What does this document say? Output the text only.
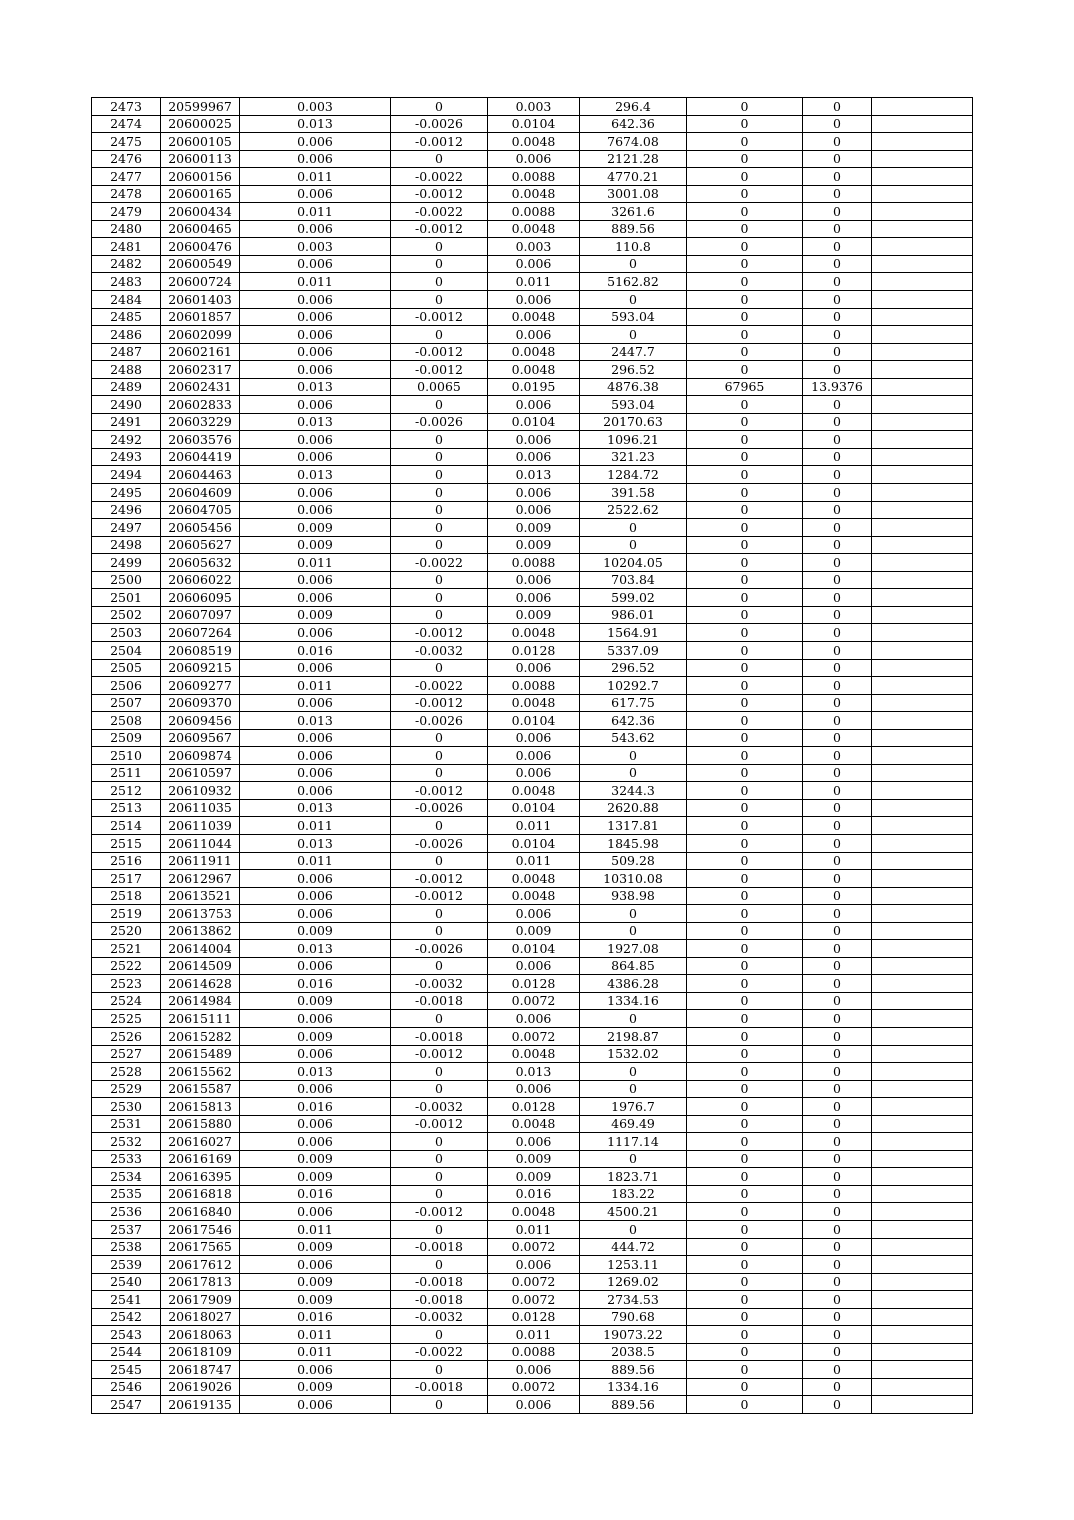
2473	20599967	0.003	0	0.003	296.4	0	0	
2474	20600025	0.013	-0.0026	0.0104	642.36	0	0	
2475	20600105	0.006	-0.0012	0.0048	7674.08	0	0	
2476	20600113	0.006	0	0.006	2121.28	0	0	
2477	20600156	0.011	-0.0022	0.0088	4770.21	0	0	
2478	20600165	0.006	-0.0012	0.0048	3001.08	0	0	
2479	20600434	0.011	-0.0022	0.0088	3261.6	0	0	
2480	20600465	0.006	-0.0012	0.0048	889.56	0	0	
2481	20600476	0.003	0	0.003	110.8	0	0	
2482	20600549	0.006	0	0.006	0	0	0	
2483	20600724	0.011	0	0.011	5162.82	0	0	
2484	20601403	0.006	0	0.006	0	0	0	
2485	20601857	0.006	-0.0012	0.0048	593.04	0	0	
2486	20602099	0.006	0	0.006	0	0	0	
2487	20602161	0.006	-0.0012	0.0048	2447.7	0	0	
2488	20602317	0.006	-0.0012	0.0048	296.52	0	0	
2489	20602431	0.013	0.0065	0.0195	4876.38	67965	13.9376	
2490	20602833	0.006	0	0.006	593.04	0	0	
2491	20603229	0.013	-0.0026	0.0104	20170.63	0	0	
2492	20603576	0.006	0	0.006	1096.21	0	0	
2493	20604419	0.006	0	0.006	321.23	0	0	
2494	20604463	0.013	0	0.013	1284.72	0	0	
2495	20604609	0.006	0	0.006	391.58	0	0	
2496	20604705	0.006	0	0.006	2522.62	0	0	
2497	20605456	0.009	0	0.009	0	0	0	
2498	20605627	0.009	0	0.009	0	0	0	
2499	20605632	0.011	-0.0022	0.0088	10204.05	0	0	
2500	20606022	0.006	0	0.006	703.84	0	0	
2501	20606095	0.006	0	0.006	599.02	0	0	
2502	20607097	0.009	0	0.009	986.01	0	0	
2503	20607264	0.006	-0.0012	0.0048	1564.91	0	0	
2504	20608519	0.016	-0.0032	0.0128	5337.09	0	0	
2505	20609215	0.006	0	0.006	296.52	0	0	
2506	20609277	0.011	-0.0022	0.0088	10292.7	0	0	
2507	20609370	0.006	-0.0012	0.0048	617.75	0	0	
2508	20609456	0.013	-0.0026	0.0104	642.36	0	0	
2509	20609567	0.006	0	0.006	543.62	0	0	
2510	20609874	0.006	0	0.006	0	0	0	
2511	20610597	0.006	0	0.006	0	0	0	
2512	20610932	0.006	-0.0012	0.0048	3244.3	0	0	
2513	20611035	0.013	-0.0026	0.0104	2620.88	0	0	
2514	20611039	0.011	0	0.011	1317.81	0	0	
2515	20611044	0.013	-0.0026	0.0104	1845.98	0	0	
2516	20611911	0.011	0	0.011	509.28	0	0	
2517	20612967	0.006	-0.0012	0.0048	10310.08	0	0	
2518	20613521	0.006	-0.0012	0.0048	938.98	0	0	
2519	20613753	0.006	0	0.006	0	0	0	
2520	20613862	0.009	0	0.009	0	0	0	
2521	20614004	0.013	-0.0026	0.0104	1927.08	0	0	
2522	20614509	0.006	0	0.006	864.85	0	0	
2523	20614628	0.016	-0.0032	0.0128	4386.28	0	0	
2524	20614984	0.009	-0.0018	0.0072	1334.16	0	0	
2525	20615111	0.006	0	0.006	0	0	0	
2526	20615282	0.009	-0.0018	0.0072	2198.87	0	0	
2527	20615489	0.006	-0.0012	0.0048	1532.02	0	0	
2528	20615562	0.013	0	0.013	0	0	0	
2529	20615587	0.006	0	0.006	0	0	0	
2530	20615813	0.016	-0.0032	0.0128	1976.7	0	0	
2531	20615880	0.006	-0.0012	0.0048	469.49	0	0	
2532	20616027	0.006	0	0.006	1117.14	0	0	
2533	20616169	0.009	0	0.009	0	0	0	
2534	20616395	0.009	0	0.009	1823.71	0	0	
2535	20616818	0.016	0	0.016	183.22	0	0	
2536	20616840	0.006	-0.0012	0.0048	4500.21	0	0	
2537	20617546	0.011	0	0.011	0	0	0	
2538	20617565	0.009	-0.0018	0.0072	444.72	0	0	
2539	20617612	0.006	0	0.006	1253.11	0	0	
2540	20617813	0.009	-0.0018	0.0072	1269.02	0	0	
2541	20617909	0.009	-0.0018	0.0072	2734.53	0	0	
2542	20618027	0.016	-0.0032	0.0128	790.68	0	0	
2543	20618063	0.011	0	0.011	19073.22	0	0	
2544	20618109	0.011	-0.0022	0.0088	2038.5	0	0	
2545	20618747	0.006	0	0.006	889.56	0	0	
2546	20619026	0.009	-0.0018	0.0072	1334.16	0	0	
2547	20619135	0.006	0	0.006	889.56	0	0	
